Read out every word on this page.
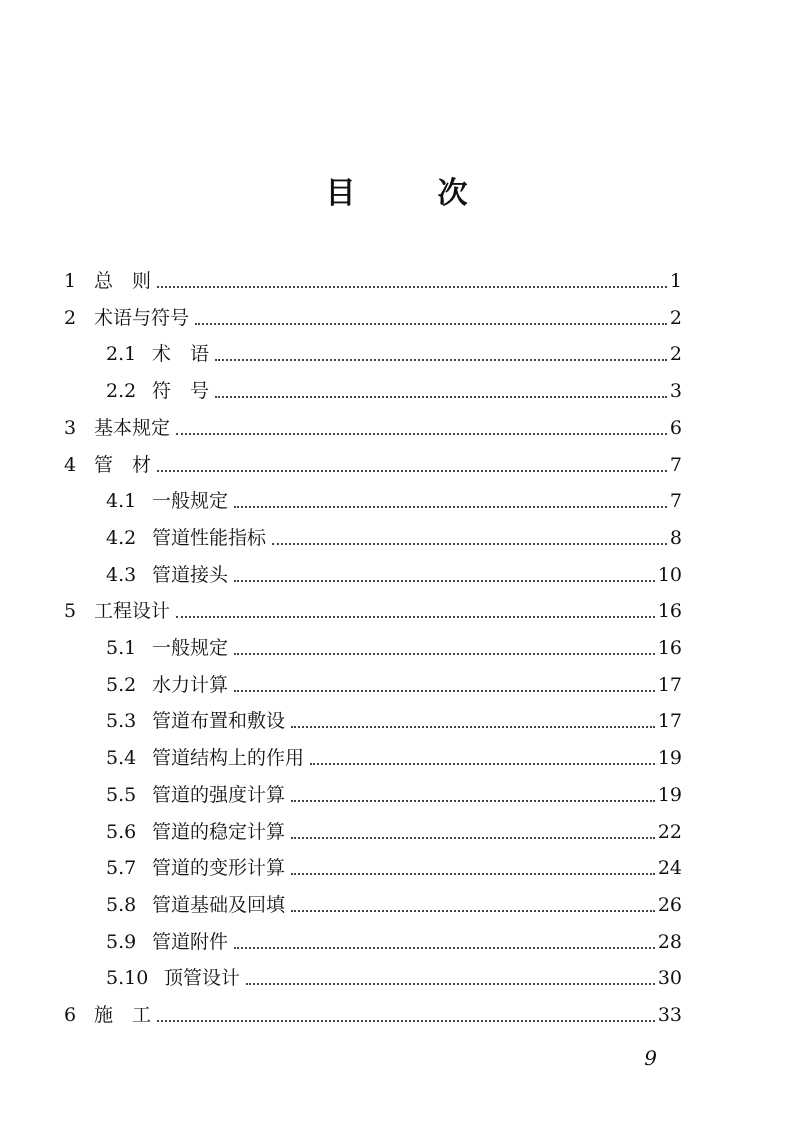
目　次
1 总　则	1
2 术语与符号	2
2.1 术　语	2
2.2 符　号	3
3 基本规定	6
4 管　材	7
4.1 一般规定	7
4.2 管道性能指标	8
4.3 管道接头	10
5 工程设计	16
5.1 一般规定	16
5.2 水力计算	17
5.3 管道布置和敷设	17
5.4 管道结构上的作用	19
5.5 管道的强度计算	19
5.6 管道的稳定计算	22
5.7 管道的变形计算	24
5.8 管道基础及回填	26
5.9 管道附件	28
5.10 顶管设计	30
6 施　工	33
9
